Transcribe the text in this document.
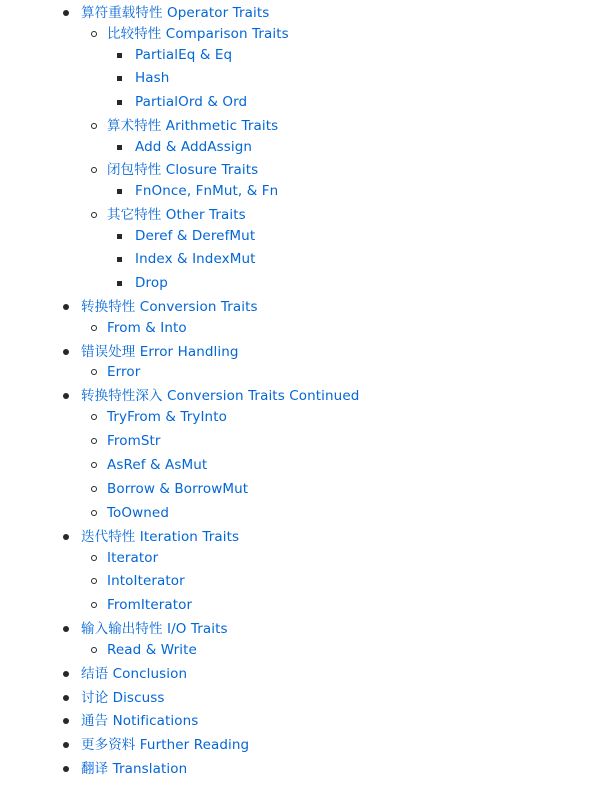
算符重载特性 Operator Traits
比较特性 Comparison Traits
PartialEq & Eq
Hash
PartialOrd & Ord
算术特性 Arithmetic Traits
Add & AddAssign
闭包特性 Closure Traits
FnOnce, FnMut, & Fn
其它特性 Other Traits
Deref & DerefMut
Index & IndexMut
Drop
转换特性 Conversion Traits
From & Into
错误处理 Error Handling
Error
转换特性深入 Conversion Traits Continued
TryFrom & TryInto
FromStr
AsRef & AsMut
Borrow & BorrowMut
ToOwned
迭代特性 Iteration Traits
Iterator
IntoIterator
FromIterator
输入输出特性 I/O Traits
Read & Write
结语 Conclusion
讨论 Discuss
通告 Notifications
更多资料 Further Reading
翻译 Translation
